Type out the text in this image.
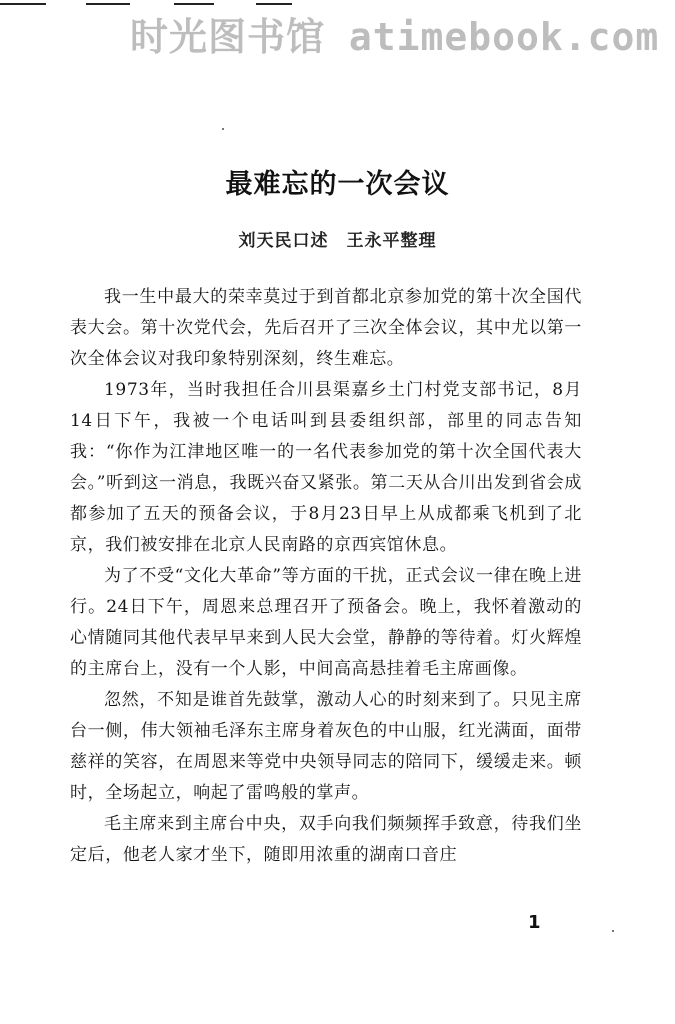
时光图书馆 atimebook.com
最难忘的一次会议
刘天民口述 王永平整理

我一生中最大的荣幸莫过于到首都北京参加党的第十次全国代表大会。第十次党代会，先后召开了三次全体会议，其中尤以第一次全体会议对我印象特别深刻，终生难忘。

1973年，当时我担任合川县渠嘉乡土门村党支部书记，8月14日下午，我被一个电话叫到县委组织部，部里的同志告知我：“你作为江津地区唯一的一名代表参加党的第十次全国代表大会。”听到这一消息，我既兴奋又紧张。第二天从合川出发到省会成都参加了五天的预备会议，于8月23日早上从成都乘飞机到了北京，我们被安排在北京人民南路的京西宾馆休息。

为了不受“文化大革命”等方面的干扰，正式会议一律在晚上进行。24日下午，周恩来总理召开了预备会。晚上，我怀着激动的心情随同其他代表早早来到人民大会堂，静静的等待着。灯火辉煌的主席台上，没有一个人影，中间高高悬挂着毛主席画像。

忽然，不知是谁首先鼓掌，激动人心的时刻来到了。只见主席台一侧，伟大领袖毛泽东主席身着灰色的中山服，红光满面，面带慈祥的笑容，在周恩来等党中央领导同志的陪同下，缓缓走来。顿时，全场起立，响起了雷鸣般的掌声。

毛主席来到主席台中央，双手向我们频频挥手致意，待我们坐定后，他老人家才坐下，随即用浓重的湖南口音庄

1
